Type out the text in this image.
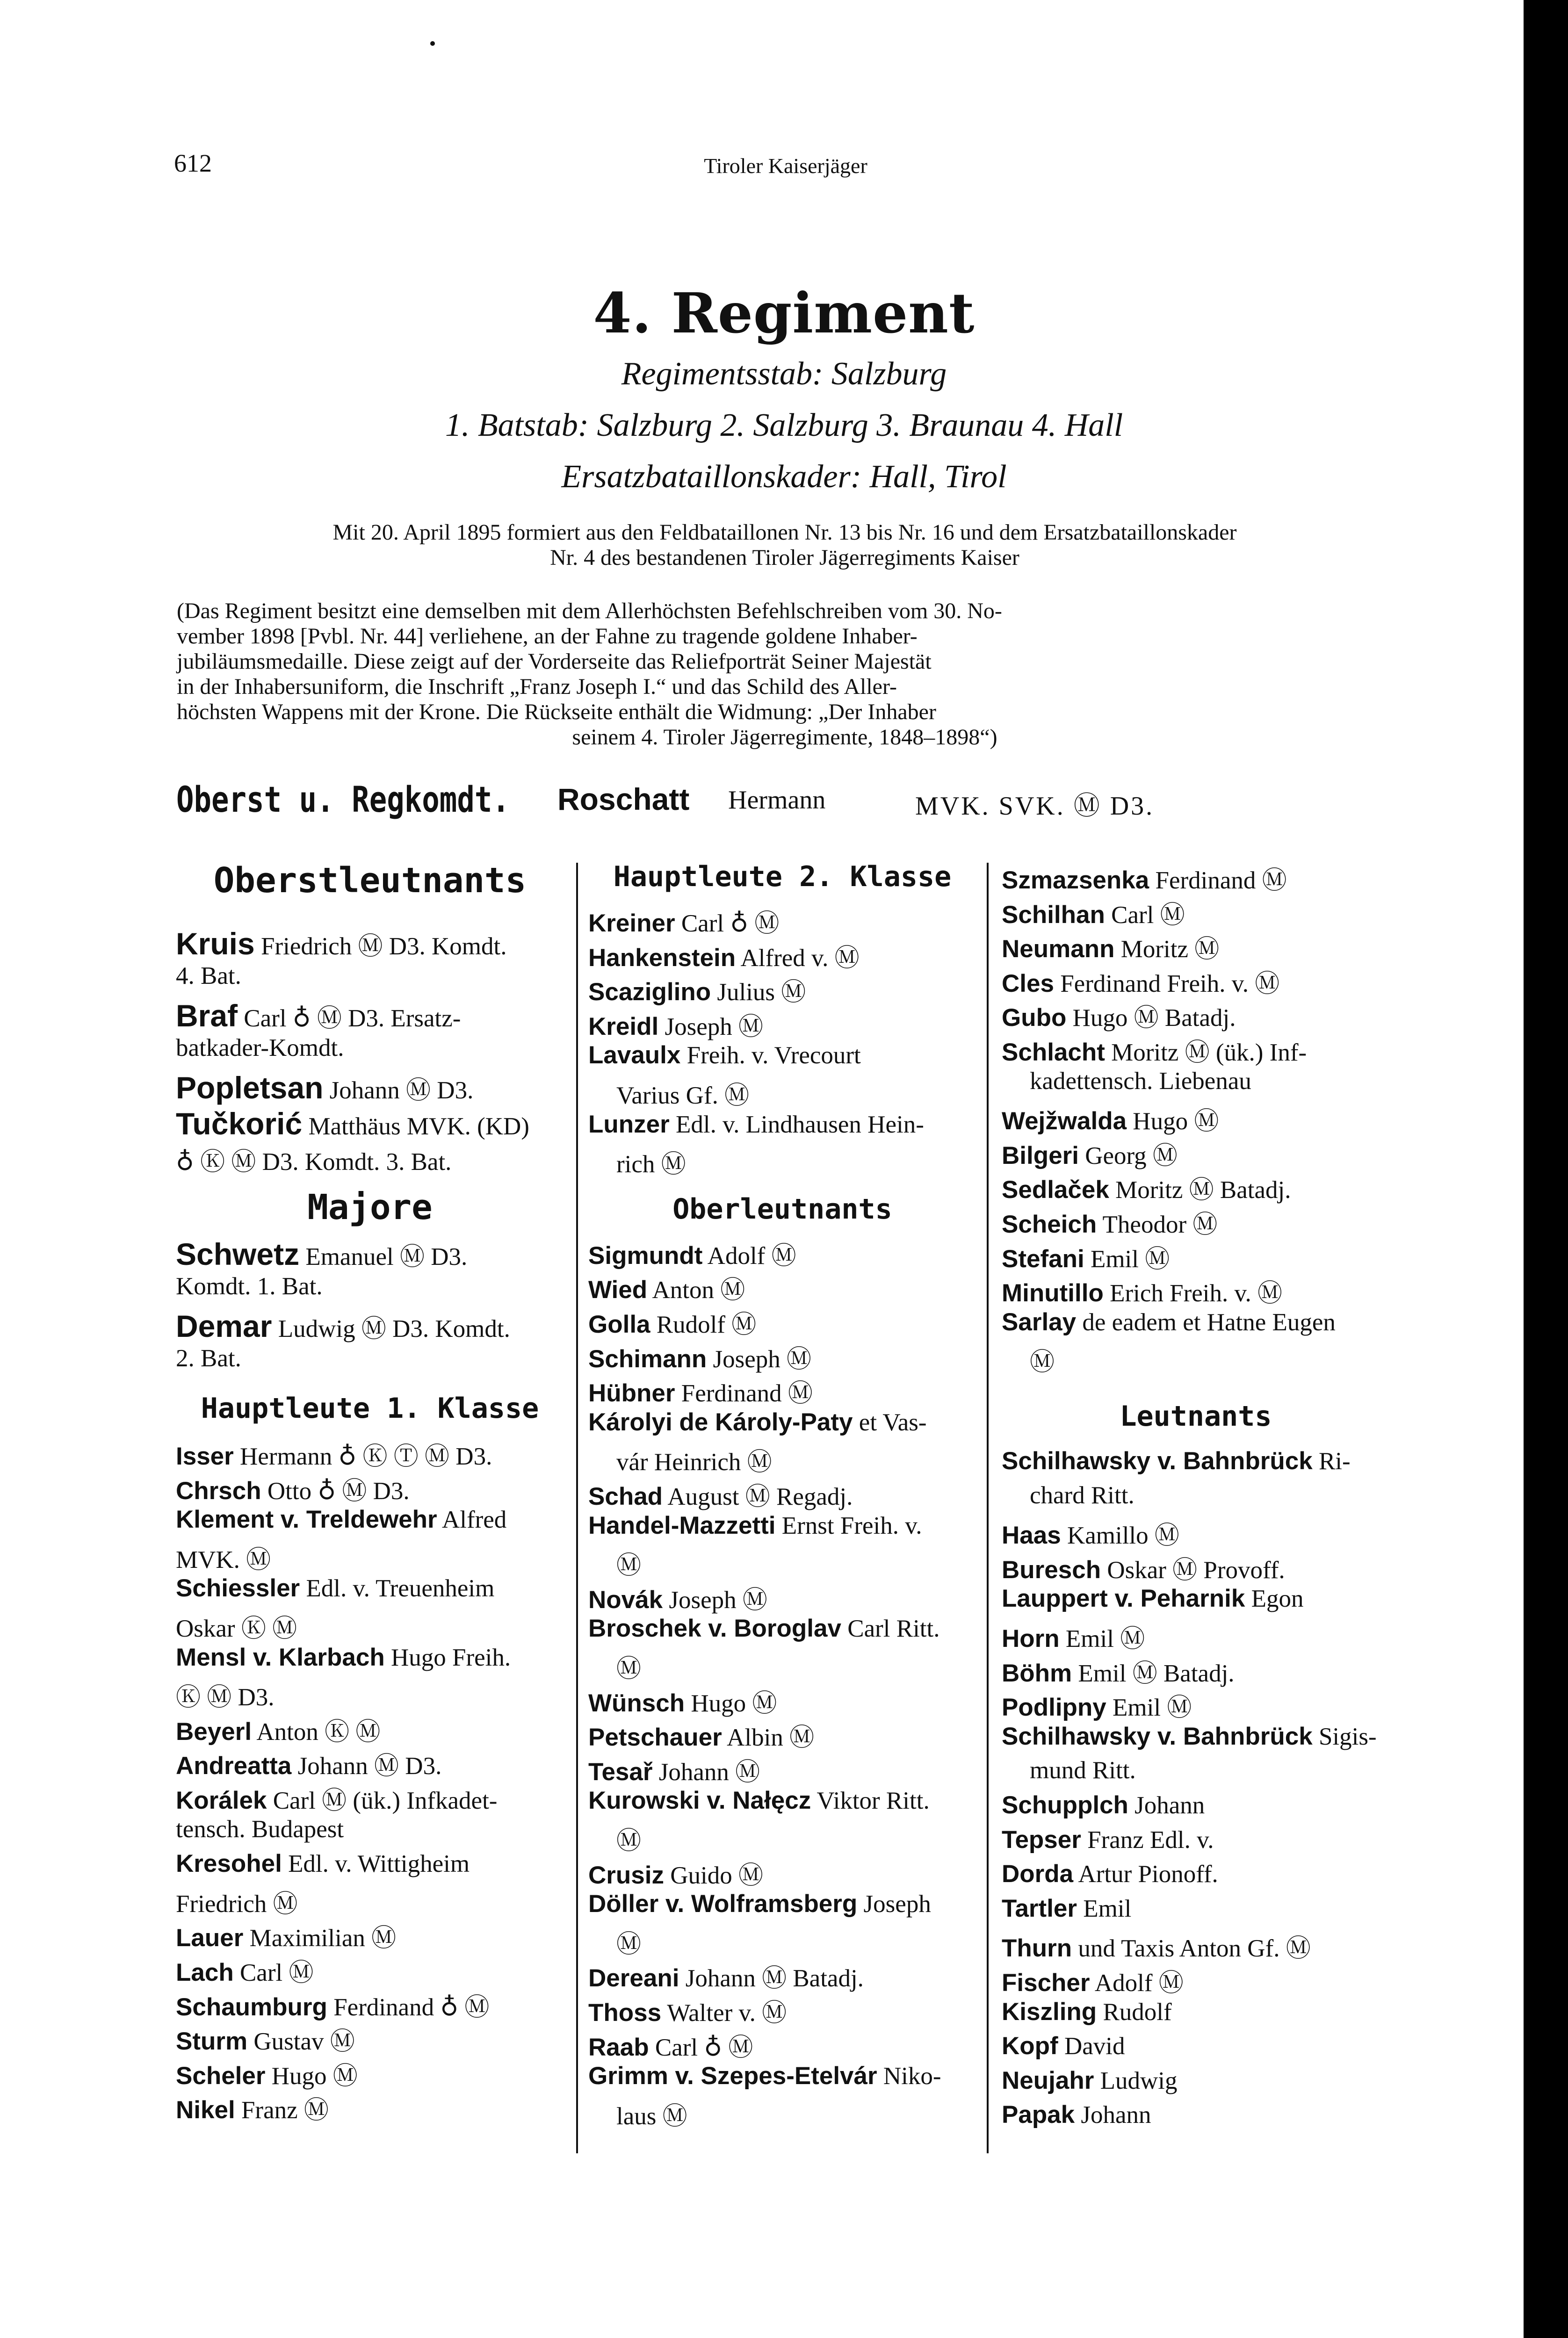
612	Tiroler Kaiserjäger
4. Regiment
Regimentsstab: Salzburg
1. Batstab: Salzburg 2. Salzburg 3. Braunau 4. Hall
Ersatzbataillonskader: Hall, Tirol
Mit 20. April 1895 formiert aus den Feldbataillonen Nr. 13 bis Nr. 16 und dem Ersatzbataillonskader
Nr. 4 des bestandenen Tiroler Jägerregiments Kaiser
(Das Regiment besitzt eine demselben mit dem Allerhöchsten Befehlschreiben vom 30. No-
vember 1898 [Pvbl. Nr. 44] verliehene, an der Fahne zu tragende goldene Inhaber-
jubiläumsmedaille. Diese zeigt auf der Vorderseite das Reliefporträt Seiner Majestät
in der Inhabersuniform, die Inschrift „Franz Joseph I.“ und das Schild des Aller-
höchsten Wappens mit der Krone. Die Rückseite enthält die Widmung: „Der Inhaber
seinem 4. Tiroler Jägerregimente, 1848–1898“)
Oberst u. Regkomdt. Roschatt Hermann	MVK. SVK. Ⓜ D3.
Oberstleutnants
Kruis Friedrich Ⓜ D3. Komdt.
4. Bat.
Braf Carl ♁ Ⓜ D3. Ersatz-
batkader-Komdt.
Popletsan Johann Ⓜ D3.
Tučkorić Matthäus MVK. (KD)
♁ Ⓚ Ⓜ D3. Komdt. 3. Bat.
Majore
Schwetz Emanuel Ⓜ D3.
Komdt. 1. Bat.
Demar Ludwig Ⓜ D3. Komdt.
2. Bat.
Hauptleute 1. Klasse
Isser Hermann ♁ Ⓚ Ⓣ Ⓜ D3.
Chrsch Otto ♁ Ⓜ D3.
Klement v. Treldewehr Alfred
MVK. Ⓜ
Schiessler Edl. v. Treuenheim
Oskar Ⓚ Ⓜ
Mensl v. Klarbach Hugo Freih.
Ⓚ Ⓜ D3.
Beyerl Anton Ⓚ Ⓜ
Andreatta Johann Ⓜ D3.
Korálek Carl Ⓜ (ük.) Infkadet-
tensch. Budapest
Kresohel Edl. v. Wittigheim
Friedrich Ⓜ
Lauer Maximilian Ⓜ
Lach Carl Ⓜ
Schaumburg Ferdinand ♁ Ⓜ
Sturm Gustav Ⓜ
Scheler Hugo Ⓜ
Nikel Franz Ⓜ
Hauptleute 2. Klasse
Kreiner Carl ♁ Ⓜ
Hankenstein Alfred v. Ⓜ
Scaziglino Julius Ⓜ
Kreidl Joseph Ⓜ
Lavaulx Freih. v. Vrecourt
Varius Gf. Ⓜ
Lunzer Edl. v. Lindhausen Hein-
rich Ⓜ
Oberleutnants
Sigmundt Adolf Ⓜ
Wied Anton Ⓜ
Golla Rudolf Ⓜ
Schimann Joseph Ⓜ
Hübner Ferdinand Ⓜ
Károlyi de Károly-Paty et Vas-
vár Heinrich Ⓜ
Schad August Ⓜ Regadj.
Handel-Mazzetti Ernst Freih. v.
Ⓜ
Novák Joseph Ⓜ
Broschek v. Boroglav Carl Ritt.
Ⓜ
Wünsch Hugo Ⓜ
Petschauer Albin Ⓜ
Tesař Johann Ⓜ
Kurowski v. Nałęcz Viktor Ritt.
Ⓜ
Crusiz Guido Ⓜ
Döller v. Wolframsberg Joseph
Ⓜ
Dereani Johann Ⓜ Batadj.
Thoss Walter v. Ⓜ
Raab Carl ♁ Ⓜ
Grimm v. Szepes-Etelvár Niko-
laus Ⓜ
Szmazsenka Ferdinand Ⓜ
Schilhan Carl Ⓜ
Neumann Moritz Ⓜ
Cles Ferdinand Freih. v. Ⓜ
Gubo Hugo Ⓜ Batadj.
Schlacht Moritz Ⓜ (ük.) Inf-
kadettensch. Liebenau
Wejžwalda Hugo Ⓜ
Bilgeri Georg Ⓜ
Sedlaček Moritz Ⓜ Batadj.
Scheich Theodor Ⓜ
Stefani Emil Ⓜ
Minutillo Erich Freih. v. Ⓜ
Sarlay de eadem et Hatne Eugen
Ⓜ
Leutnants
Schilhawsky v. Bahnbrück Ri-
chard Ritt.
Haas Kamillo Ⓜ
Buresch Oskar Ⓜ Provoff.
Lauppert v. Peharnik Egon
Horn Emil Ⓜ
Böhm Emil Ⓜ Batadj.
Podlipny Emil Ⓜ
Schilhawsky v. Bahnbrück Sigis-
mund Ritt.
Schupplch Johann
Tepser Franz Edl. v.
Dorda Artur Pionoff.
Tartler Emil
Thurn und Taxis Anton Gf. Ⓜ
Fischer Adolf Ⓜ
Kiszling Rudolf
Kopf David
Neujahr Ludwig
Papak Johann
